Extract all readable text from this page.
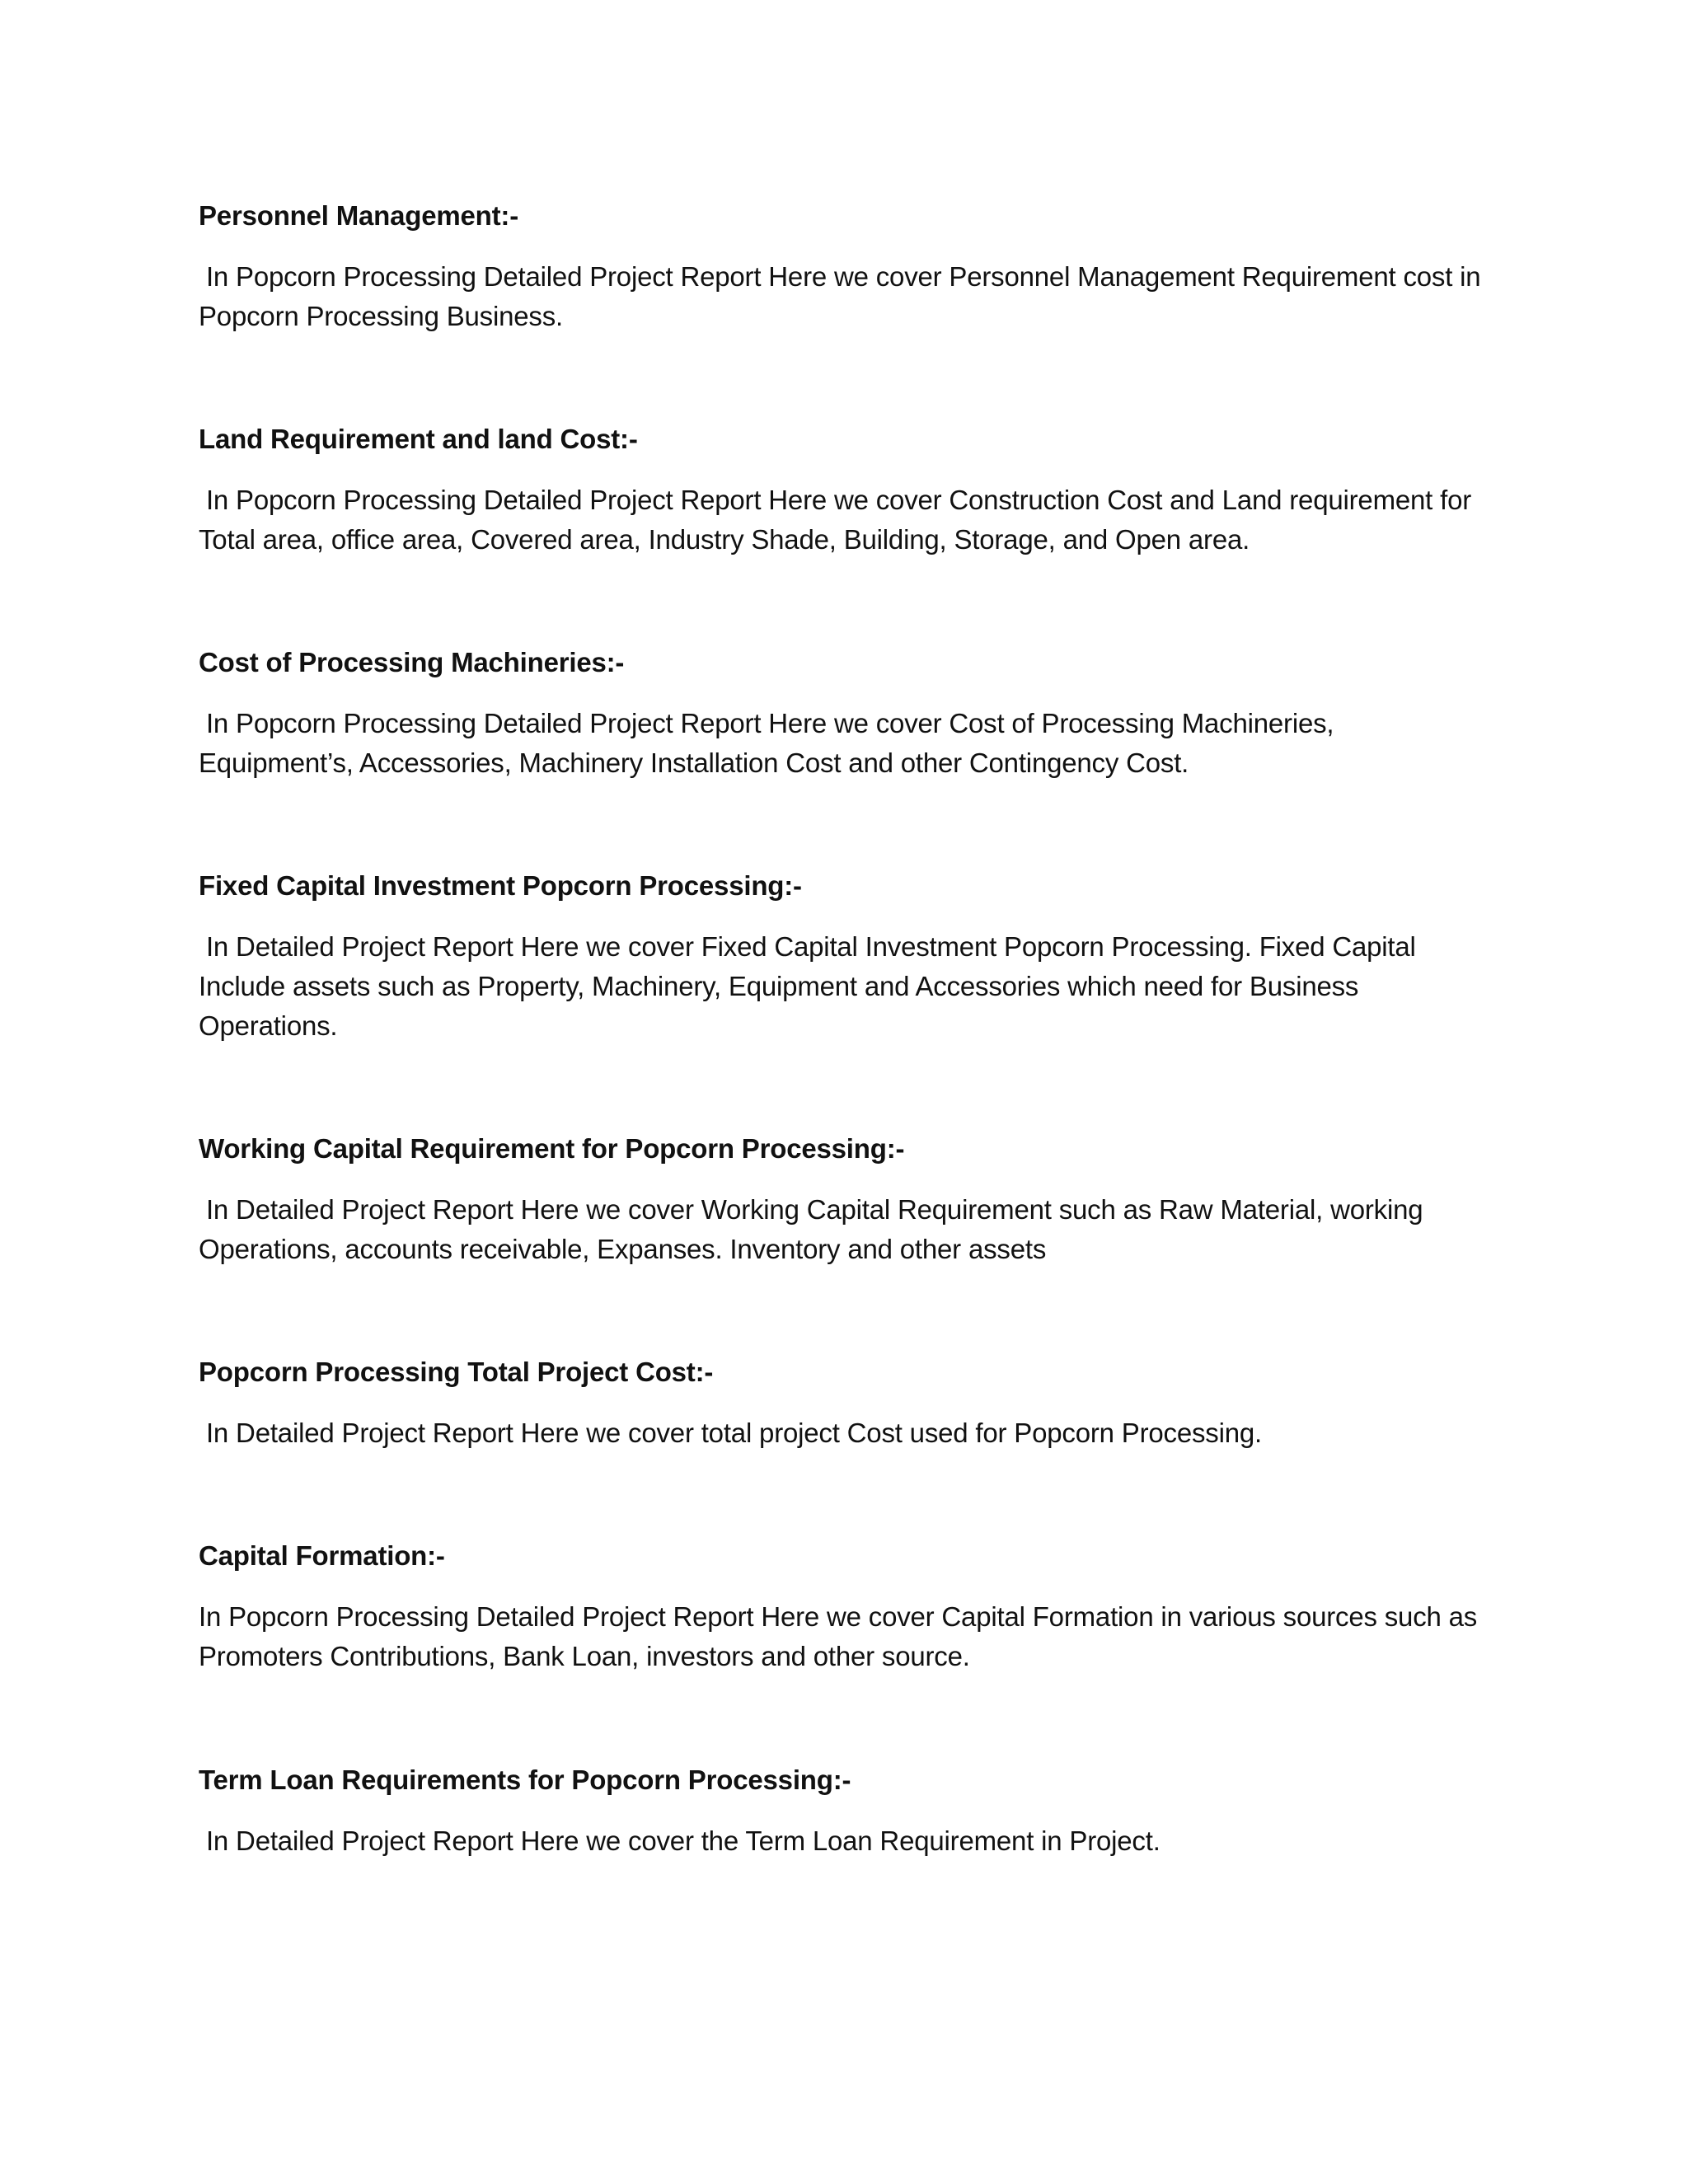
Personnel Management:-

In Popcorn Processing Detailed Project Report Here we cover Personnel Management Requirement cost in Popcorn Processing Business.

Land Requirement and land Cost:-

In Popcorn Processing Detailed Project Report Here we cover Construction Cost and Land requirement for Total area, office area, Covered area, Industry Shade, Building, Storage, and Open area.

Cost of Processing Machineries:-

In Popcorn Processing Detailed Project Report Here we cover Cost of Processing Machineries, Equipment’s, Accessories, Machinery Installation Cost and other Contingency Cost.

Fixed Capital Investment Popcorn Processing:-

In Detailed Project Report Here we cover Fixed Capital Investment Popcorn Processing. Fixed Capital Include assets such as Property, Machinery, Equipment and Accessories which need for Business Operations.

Working Capital Requirement for Popcorn Processing:-

In Detailed Project Report Here we cover Working Capital Requirement such as Raw Material, working Operations, accounts receivable, Expanses. Inventory and other assets

Popcorn Processing Total Project Cost:-

In Detailed Project Report Here we cover total project Cost used for Popcorn Processing.

Capital Formation:-

In Popcorn Processing Detailed Project Report Here we cover Capital Formation in various sources such as Promoters Contributions, Bank Loan, investors and other source.

Term Loan Requirements for Popcorn Processing:-

In Detailed Project Report Here we cover the Term Loan Requirement in Project.
